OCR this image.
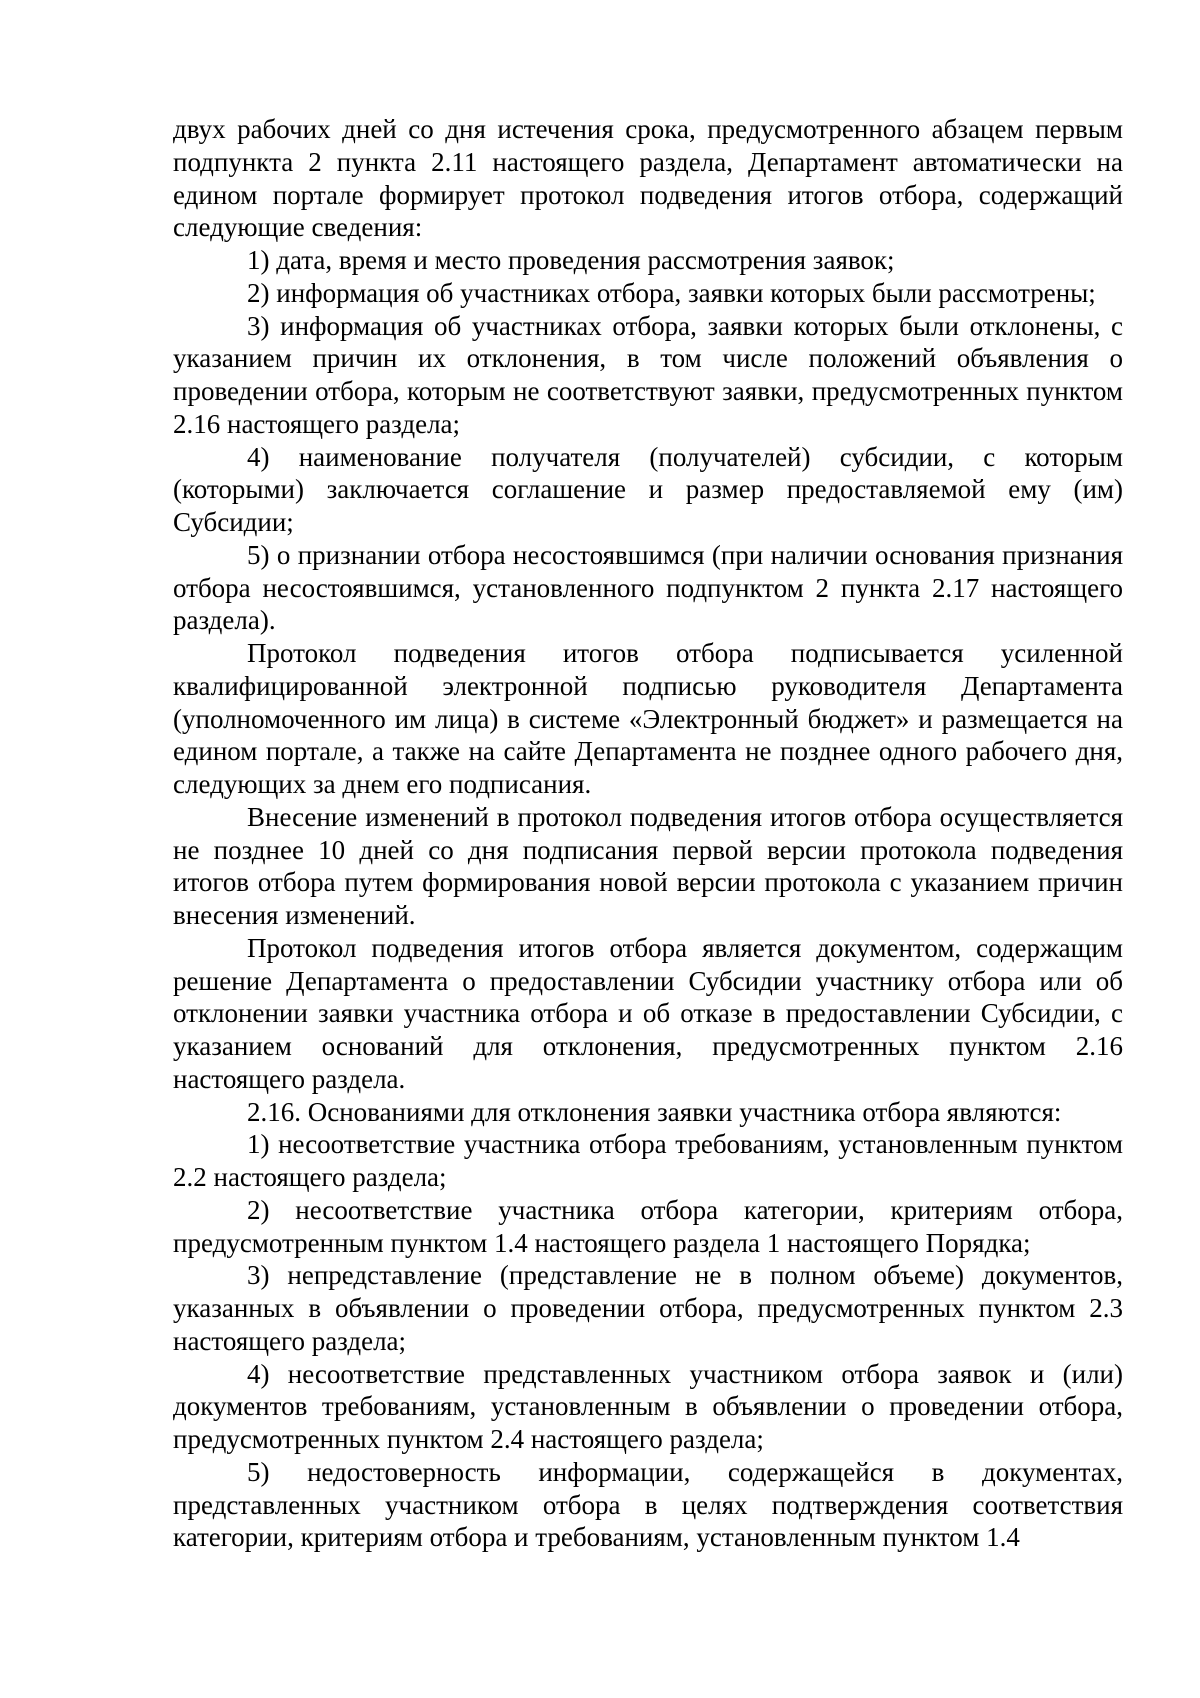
двух рабочих дней со дня истечения срока, предусмотренного абзацем первым подпункта 2 пункта 2.11 настоящего раздела, Департамент автоматически на едином портале формирует протокол подведения итогов отбора, содержащий следующие сведения:

1) дата, время и место проведения рассмотрения заявок;

2) информация об участниках отбора, заявки которых были рассмотрены;

3) информация об участниках отбора, заявки которых были отклонены, с указанием причин их отклонения, в том числе положений объявления о проведении отбора, которым не соответствуют заявки, предусмотренных пунктом 2.16 настоящего раздела;

4) наименование получателя (получателей) субсидии, с которым (которыми) заключается соглашение и размер предоставляемой ему (им) Субсидии;

5) о признании отбора несостоявшимся (при наличии основания признания отбора несостоявшимся, установленного подпунктом 2 пункта 2.17 настоящего раздела).

Протокол подведения итогов отбора подписывается усиленной квалифицированной электронной подписью руководителя Департамента (уполномоченного им лица) в системе «Электронный бюджет» и размещается на едином портале, а также на сайте Департамента не позднее одного рабочего дня, следующих за днем его подписания.

Внесение изменений в протокол подведения итогов отбора осуществляется не позднее 10 дней со дня подписания первой версии протокола подведения итогов отбора путем формирования новой версии протокола с указанием причин внесения изменений.

Протокол подведения итогов отбора является документом, содержащим решение Департамента о предоставлении Субсидии участнику отбора или об отклонении заявки участника отбора и об отказе в предоставлении Субсидии, с указанием оснований для отклонения, предусмотренных пунктом 2.16 настоящего раздела.

2.16. Основаниями для отклонения заявки участника отбора являются:

1) несоответствие участника отбора требованиям, установленным пунктом 2.2 настоящего раздела;

2) несоответствие участника отбора категории, критериям отбора, предусмотренным пунктом 1.4 настоящего раздела 1 настоящего Порядка;

3) непредставление (представление не в полном объеме) документов, указанных в объявлении о проведении отбора, предусмотренных пунктом 2.3 настоящего раздела;

4) несоответствие представленных участником отбора заявок и (или) документов требованиям, установленным в объявлении о проведении отбора, предусмотренных пунктом 2.4 настоящего раздела;

5) недостоверность информации, содержащейся в документах, представленных участником отбора в целях подтверждения соответствия категории, критериям отбора и требованиям, установленным пунктом 1.4
